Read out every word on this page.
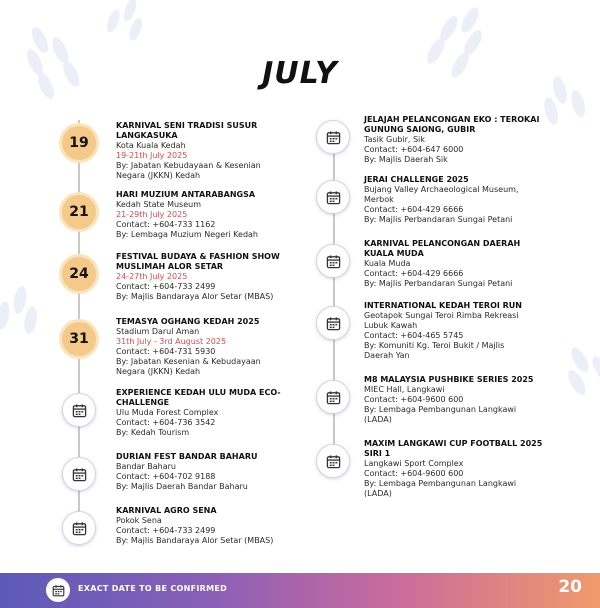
JULY
19
KARNIVAL SENI TRADISI SUSUR
LANGKASUKA
Kota Kuala Kedah
19-21th July 2025
By: Jabatan Kebudayaan & Kesenian
Negara (JKKN) Kedah
21
HARI MUZIUM ANTARABANGSA
Kedah State Museum
21-29th July 2025
Contact: +604-733 1162
By: Lembaga Muzium Negeri Kedah
24
FESTIVAL BUDAYA & FASHION SHOW
MUSLIMAH ALOR SETAR
24-27th July 2025
Contact: +604-733 2499
By: Majlis Bandaraya Alor Setar (MBAS)
31
TEMASYA OGHANG KEDAH 2025
Stadium Darul Aman
31th July - 3rd August 2025
Contact: +604-731 5930
By: Jabatan Kesenian & Kebudayaan
Negara (JKKN) Kedah
EXPERIENCE KEDAH ULU MUDA ECO-
CHALLENGE
Ulu Muda Forest Complex
Contact: +604-736 3542
By: Kedah Tourism
DURIAN FEST BANDAR BAHARU
Bandar Baharu
Contact: +604-702 9188
By: Majlis Daerah Bandar Baharu
KARNIVAL AGRO SENA
Pokok Sena
Contact: +604-733 2499
By: Majlis Bandaraya Alor Setar (MBAS)
JELAJAH PELANCONGAN EKO : TEROKAI
GUNUNG SAIONG, GUBIR
Tasik Gubir, Sik
Contact: +604-647 6000
By: Majlis Daerah Sik
JERAI CHALLENGE 2025
Bujang Valley Archaeological Museum,
Merbok
Contact: +604-429 6666
By: Majlis Perbandaran Sungai Petani
KARNIVAL PELANCONGAN DAERAH
KUALA MUDA
Kuala Muda
Contact: +604-429 6666
By: Majlis Perbandaran Sungai Petani
INTERNATIONAL KEDAH TEROI RUN
Geotapok Sungai Teroi Rimba Rekreasi
Lubuk Kawah
Contact: +604-465 5745
By: Komuniti Kg. Teroi Bukit / Majlis
Daerah Yan
M8 MALAYSIA PUSHBIKE SERIES 2025
MIEC Hall, Langkawi
Contact: +604-9600 600
By: Lembaga Pembangunan Langkawi
(LADA)
MAXIM LANGKAWI CUP FOOTBALL 2025
SIRI 1
Langkawi Sport Complex
Contact: +604-9600 600
By: Lembaga Pembangunan Langkawi
(LADA)
EXACT DATE TO BE CONFIRMED	20
